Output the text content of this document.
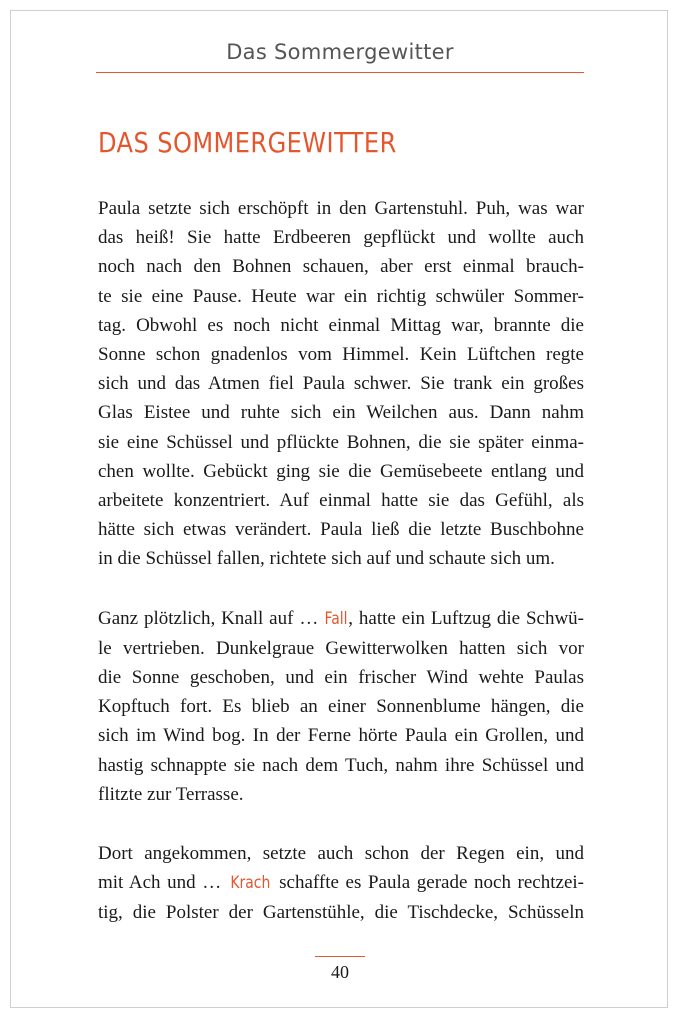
Das Sommergewitter
DAS SOMMERGEWITTER

Paula setzte sich erschöpft in den Gartenstuhl. Puh, was war
das heiß! Sie hatte Erdbeeren gepflückt und wollte auch
noch nach den Bohnen schauen, aber erst einmal brauch-
te sie eine Pause. Heute war ein richtig schwüler Sommer-
tag. Obwohl es noch nicht einmal Mittag war, brannte die
Sonne schon gnadenlos vom Himmel. Kein Lüftchen regte
sich und das Atmen fiel Paula schwer. Sie trank ein großes
Glas Eistee und ruhte sich ein Weilchen aus. Dann nahm
sie eine Schüssel und pflückte Bohnen, die sie später einma-
chen wollte. Gebückt ging sie die Gemüsebeete entlang und
arbeitete konzentriert. Auf einmal hatte sie das Gefühl, als
hätte sich etwas verändert. Paula ließ die letzte Buschbohne
in die Schüssel fallen, richtete sich auf und schaute sich um.

Ganz plötzlich, Knall auf … Fall, hatte ein Luftzug die Schwü-
le vertrieben. Dunkelgraue Gewitterwolken hatten sich vor
die Sonne geschoben, und ein frischer Wind wehte Paulas
Kopftuch fort. Es blieb an einer Sonnenblume hängen, die
sich im Wind bog. In der Ferne hörte Paula ein Grollen, und
hastig schnappte sie nach dem Tuch, nahm ihre Schüssel und
flitzte zur Terrasse.

Dort angekommen, setzte auch schon der Regen ein, und
mit Ach und … Krach schaffte es Paula gerade noch rechtzei-
tig, die Polster der Gartenstühle, die Tischdecke, Schüsseln

40
